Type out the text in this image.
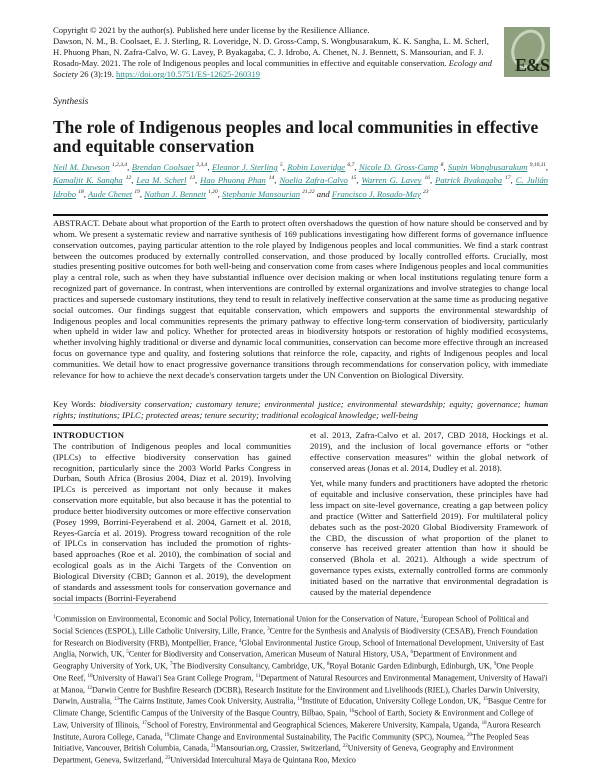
Copyright © 2021 by the author(s). Published here under license by the Resilience Alliance.
Dawson, N. M., B. Coolsaet, E. J. Sterling, R. Loveridge, N. D. Gross-Camp, S. Wongbusarakum, K. K. Sangha, L. M. Scherl, H. Phuong Phan, N. Zafra-Calvo, W. G. Lavey, P. Byakagaba, C. J. Idrobo, A. Chenet, N. J. Bennett, S. Mansourian, and F. J. Rosado-May. 2021. The role of Indigenous peoples and local communities in effective and equitable conservation. Ecology and Society 26 (3):19. https://doi.org/10.5751/ES-12625-260319	E&S
Synthesis
The role of Indigenous peoples and local communities in effective and equitable conservation
Neil M. Dawson $^{1,2,3,4}$, Brendan Coolsaet $^{2,3,4}$, Eleanor J. Sterling $^5$, Robin Loveridge $^{6,7}$, Nicole D. Gross-Camp $^8$, Supin Wongbusarakum $^{9,10,11}$, Kamaljit K. Sangha $^{12}$, Lea M. Scherl $^{13}$, Hao Phuong Phan $^{14}$, Noelia Zafra-Calvo $^{15}$, Warren G. Lavey $^{16}$, Patrick Byakagaba $^{17}$, C. Julián Idrobo $^{18}$, Aude Chenet $^{19}$, Nathan J. Bennett $^{1,20}$, Stephanie Mansourian $^{21,22}$ and Francisco J. Rosado-May $^{23}$

ABSTRACT. Debate about what proportion of the Earth to protect often overshadows the question of how nature should be conserved and by whom. We present a systematic review and narrative synthesis of 169 publications investigating how different forms of governance influence conservation outcomes, paying particular attention to the role played by Indigenous peoples and local communities. We find a stark contrast between the outcomes produced by externally controlled conservation, and those produced by locally controlled efforts. Crucially, most studies presenting positive outcomes for both well-being and conservation come from cases where Indigenous peoples and local communities play a central role, such as when they have substantial influence over decision making or when local institutions regulating tenure form a recognized part of governance. In contrast, when interventions are controlled by external organizations and involve strategies to change local practices and supersede customary institutions, they tend to result in relatively ineffective conservation at the same time as producing negative social outcomes. Our findings suggest that equitable conservation, which empowers and supports the environmental stewardship of Indigenous peoples and local communities represents the primary pathway to effective long-term conservation of biodiversity, particularly when upheld in wider law and policy. Whether for protected areas in biodiversity hotspots or restoration of highly modified ecosystems, whether involving highly traditional or diverse and dynamic local communities, conservation can become more effective through an increased focus on governance type and quality, and fostering solutions that reinforce the role, capacity, and rights of Indigenous peoples and local communities. We detail how to enact progressive governance transitions through recommendations for conservation policy, with immediate relevance for how to achieve the next decade's conservation targets under the UN Convention on Biological Diversity.

Key Words: biodiversity conservation; customary tenure; environmental justice; environmental stewardship; equity; governance; human rights; institutions; IPLC; protected areas; tenure security; traditional ecological knowledge; well-being

INTRODUCTION

The contribution of Indigenous peoples and local communities (IPLCs) to effective biodiversity conservation has gained recognition, particularly since the 2003 World Parks Congress in Durban, South Africa (Brosius 2004, Diaz et al. 2019). Involving IPLCs is perceived as important not only because it makes conservation more equitable, but also because it has the potential to produce better biodiversity outcomes or more effective conservation (Posey 1999, Borrini-Feyerabend et al. 2004, Garnett et al. 2018, Reyes-García et al. 2019). Progress toward recognition of the role of IPLCs in conservation has included the promotion of rights-based approaches (Roe et al. 2010), the combination of social and ecological goals as in the Aichi Targets of the Convention on Biological Diversity (CBD; Gannon et al. 2019), the development of standards and assessment tools for conservation governance and social impacts (Borrini-Feyerabend

et al. 2013, Zafra-Calvo et al. 2017, CBD 2018, Hockings et al. 2019), and the inclusion of local governance efforts or “other effective conservation measures” within the global network of conserved areas (Jonas et al. 2014, Dudley et al. 2018).

Yet, while many funders and practitioners have adopted the rhetoric of equitable and inclusive conservation, these principles have had less impact on site-level governance, creating a gap between policy and practice (Witter and Satterfield 2019). For multilateral policy debates such as the post-2020 Global Biodiversity Framework of the CBD, the discussion of what proportion of the planet to conserve has received greater attention than how it should be conserved (Bhola et al. 2021). Although a wide spectrum of governance types exists, externally controlled forms are commonly initiated based on the narrative that environmental degradation is caused by the material dependence

$^1$Commission on Environmental, Economic and Social Policy, International Union for the Conservation of Nature, $^2$European School of Political and Social Sciences (ESPOL), Lille Catholic University, Lille, France, $^3$Centre for the Synthesis and Analysis of Biodiversity (CESAB), French Foundation for Research on Biodiversity (FRB), Montpellier, France, $^4$Global Environmental Justice Group, School of International Development, University of East Anglia, Norwich, UK, $^5$Center for Biodiversity and Conservation, American Museum of Natural History, USA, $^6$Department of Environment and Geography University of York, UK, $^7$The Biodiversity Consultancy, Cambridge, UK, $^8$Royal Botanic Garden Edinburgh, Edinburgh, UK, $^9$One People One Reef, $^{10}$University of Hawai'i Sea Grant College Program, $^{11}$Department of Natural Resources and Environmental Management, University of Hawai'i at Manoa, $^{12}$Darwin Centre for Bushfire Research (DCBR), Research Institute for the Environment and Livelihoods (RIEL), Charles Darwin University, Darwin, Australia, $^{13}$The Cairns Institute, James Cook University, Australia, $^{14}$Institute of Education, University College London, UK, $^{15}$Basque Centre for Climate Change, Scientific Campus of the University of the Basque Country, Bilbao, Spain, $^{16}$School of Earth, Society & Environment and College of Law, University of Illinois, $^{17}$School of Forestry, Environmental and Geographical Sciences, Makerere University, Kampala, Uganda, $^{18}$Aurora Research Institute, Aurora College, Canada, $^{19}$Climate Change and Environmental Sustainability, The Pacific Community (SPC), Noumea, $^{20}$The Peopled Seas Initiative, Vancouver, British Columbia, Canada, $^{21}$Mansourian.org, Crassier, Switzerland, $^{22}$University of Geneva, Geography and Environment Department, Geneva, Switzerland, $^{23}$Universidad Intercultural Maya de Quintana Roo, Mexico
